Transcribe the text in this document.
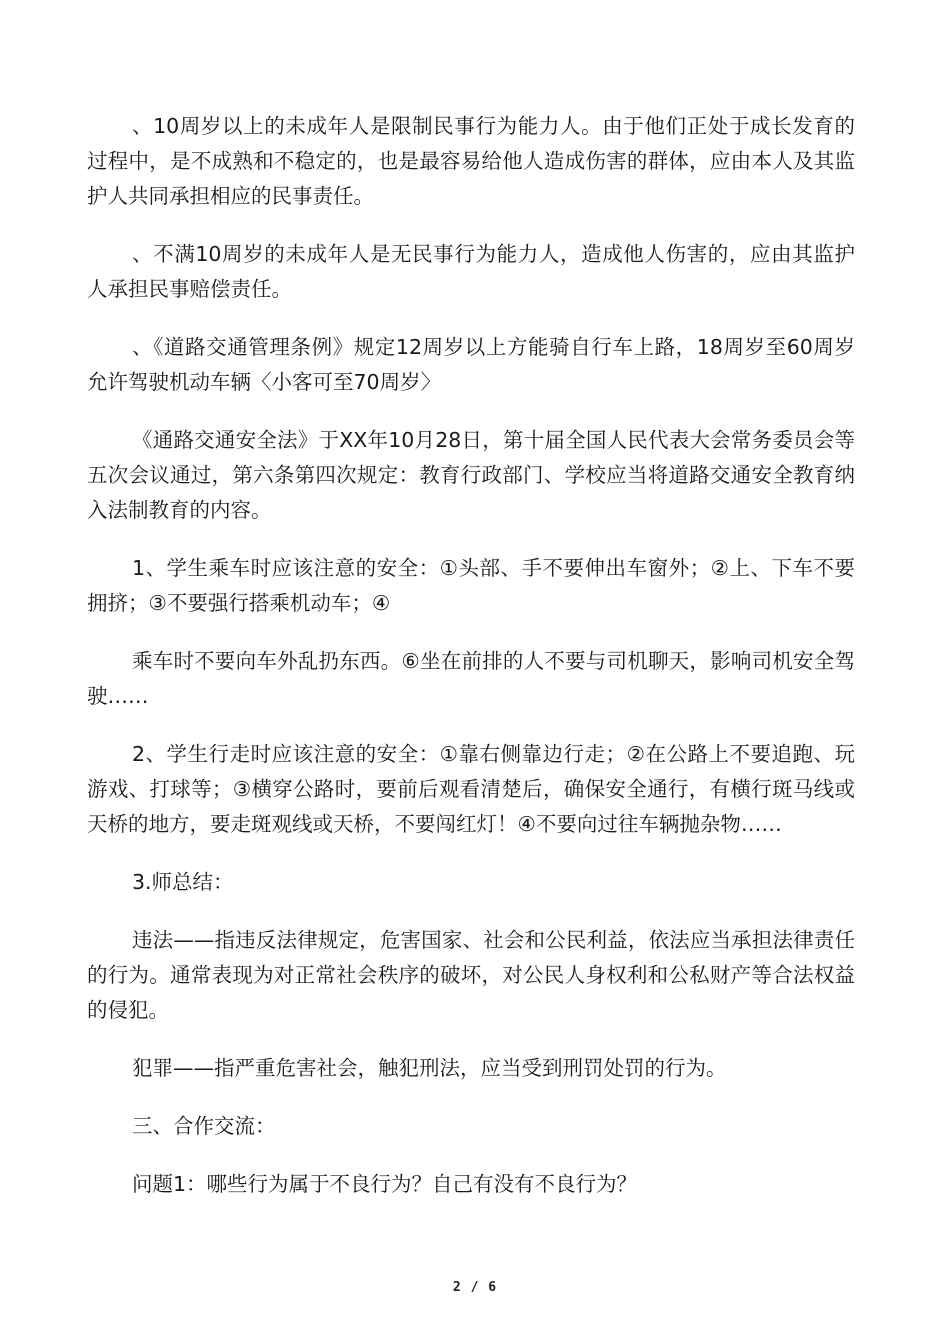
、10周岁以上的未成年人是限制民事行为能力人。由于他们正处于成长发育的过程中，是不成熟和不稳定的，也是最容易给他人造成伤害的群体，应由本人及其监护人共同承担相应的民事责任。

、不满10周岁的未成年人是无民事行为能力人，造成他人伤害的，应由其监护人承担民事赔偿责任。

、《道路交通管理条例》规定12周岁以上方能骑自行车上路，18周岁至60周岁允许驾驶机动车辆〈小客可至70周岁〉

《通路交通安全法》于XX年10月28日，第十届全国人民代表大会常务委员会等五次会议通过，第六条第四次规定：教育行政部门、学校应当将道路交通安全教育纳入法制教育的内容。

1、学生乘车时应该注意的安全：①头部、手不要伸出车窗外；②上、下车不要拥挤；③不要强行搭乘机动车；④

乘车时不要向车外乱扔东西。⑥坐在前排的人不要与司机聊天，影响司机安全驾驶……

2、学生行走时应该注意的安全：①靠右侧靠边行走；②在公路上不要追跑、玩游戏、打球等；③横穿公路时，要前后观看清楚后，确保安全通行，有横行斑马线或天桥的地方，要走斑观线或天桥，不要闯红灯！④不要向过往车辆抛杂物……

3.师总结：

违法——指违反法律规定，危害国家、社会和公民利益，依法应当承担法律责任的行为。通常表现为对正常社会秩序的破坏，对公民人身权利和公私财产等合法权益的侵犯。

犯罪——指严重危害社会，触犯刑法，应当受到刑罚处罚的行为。

三、合作交流：

问题1：哪些行为属于不良行为？自己有没有不良行为？

2 / 6
